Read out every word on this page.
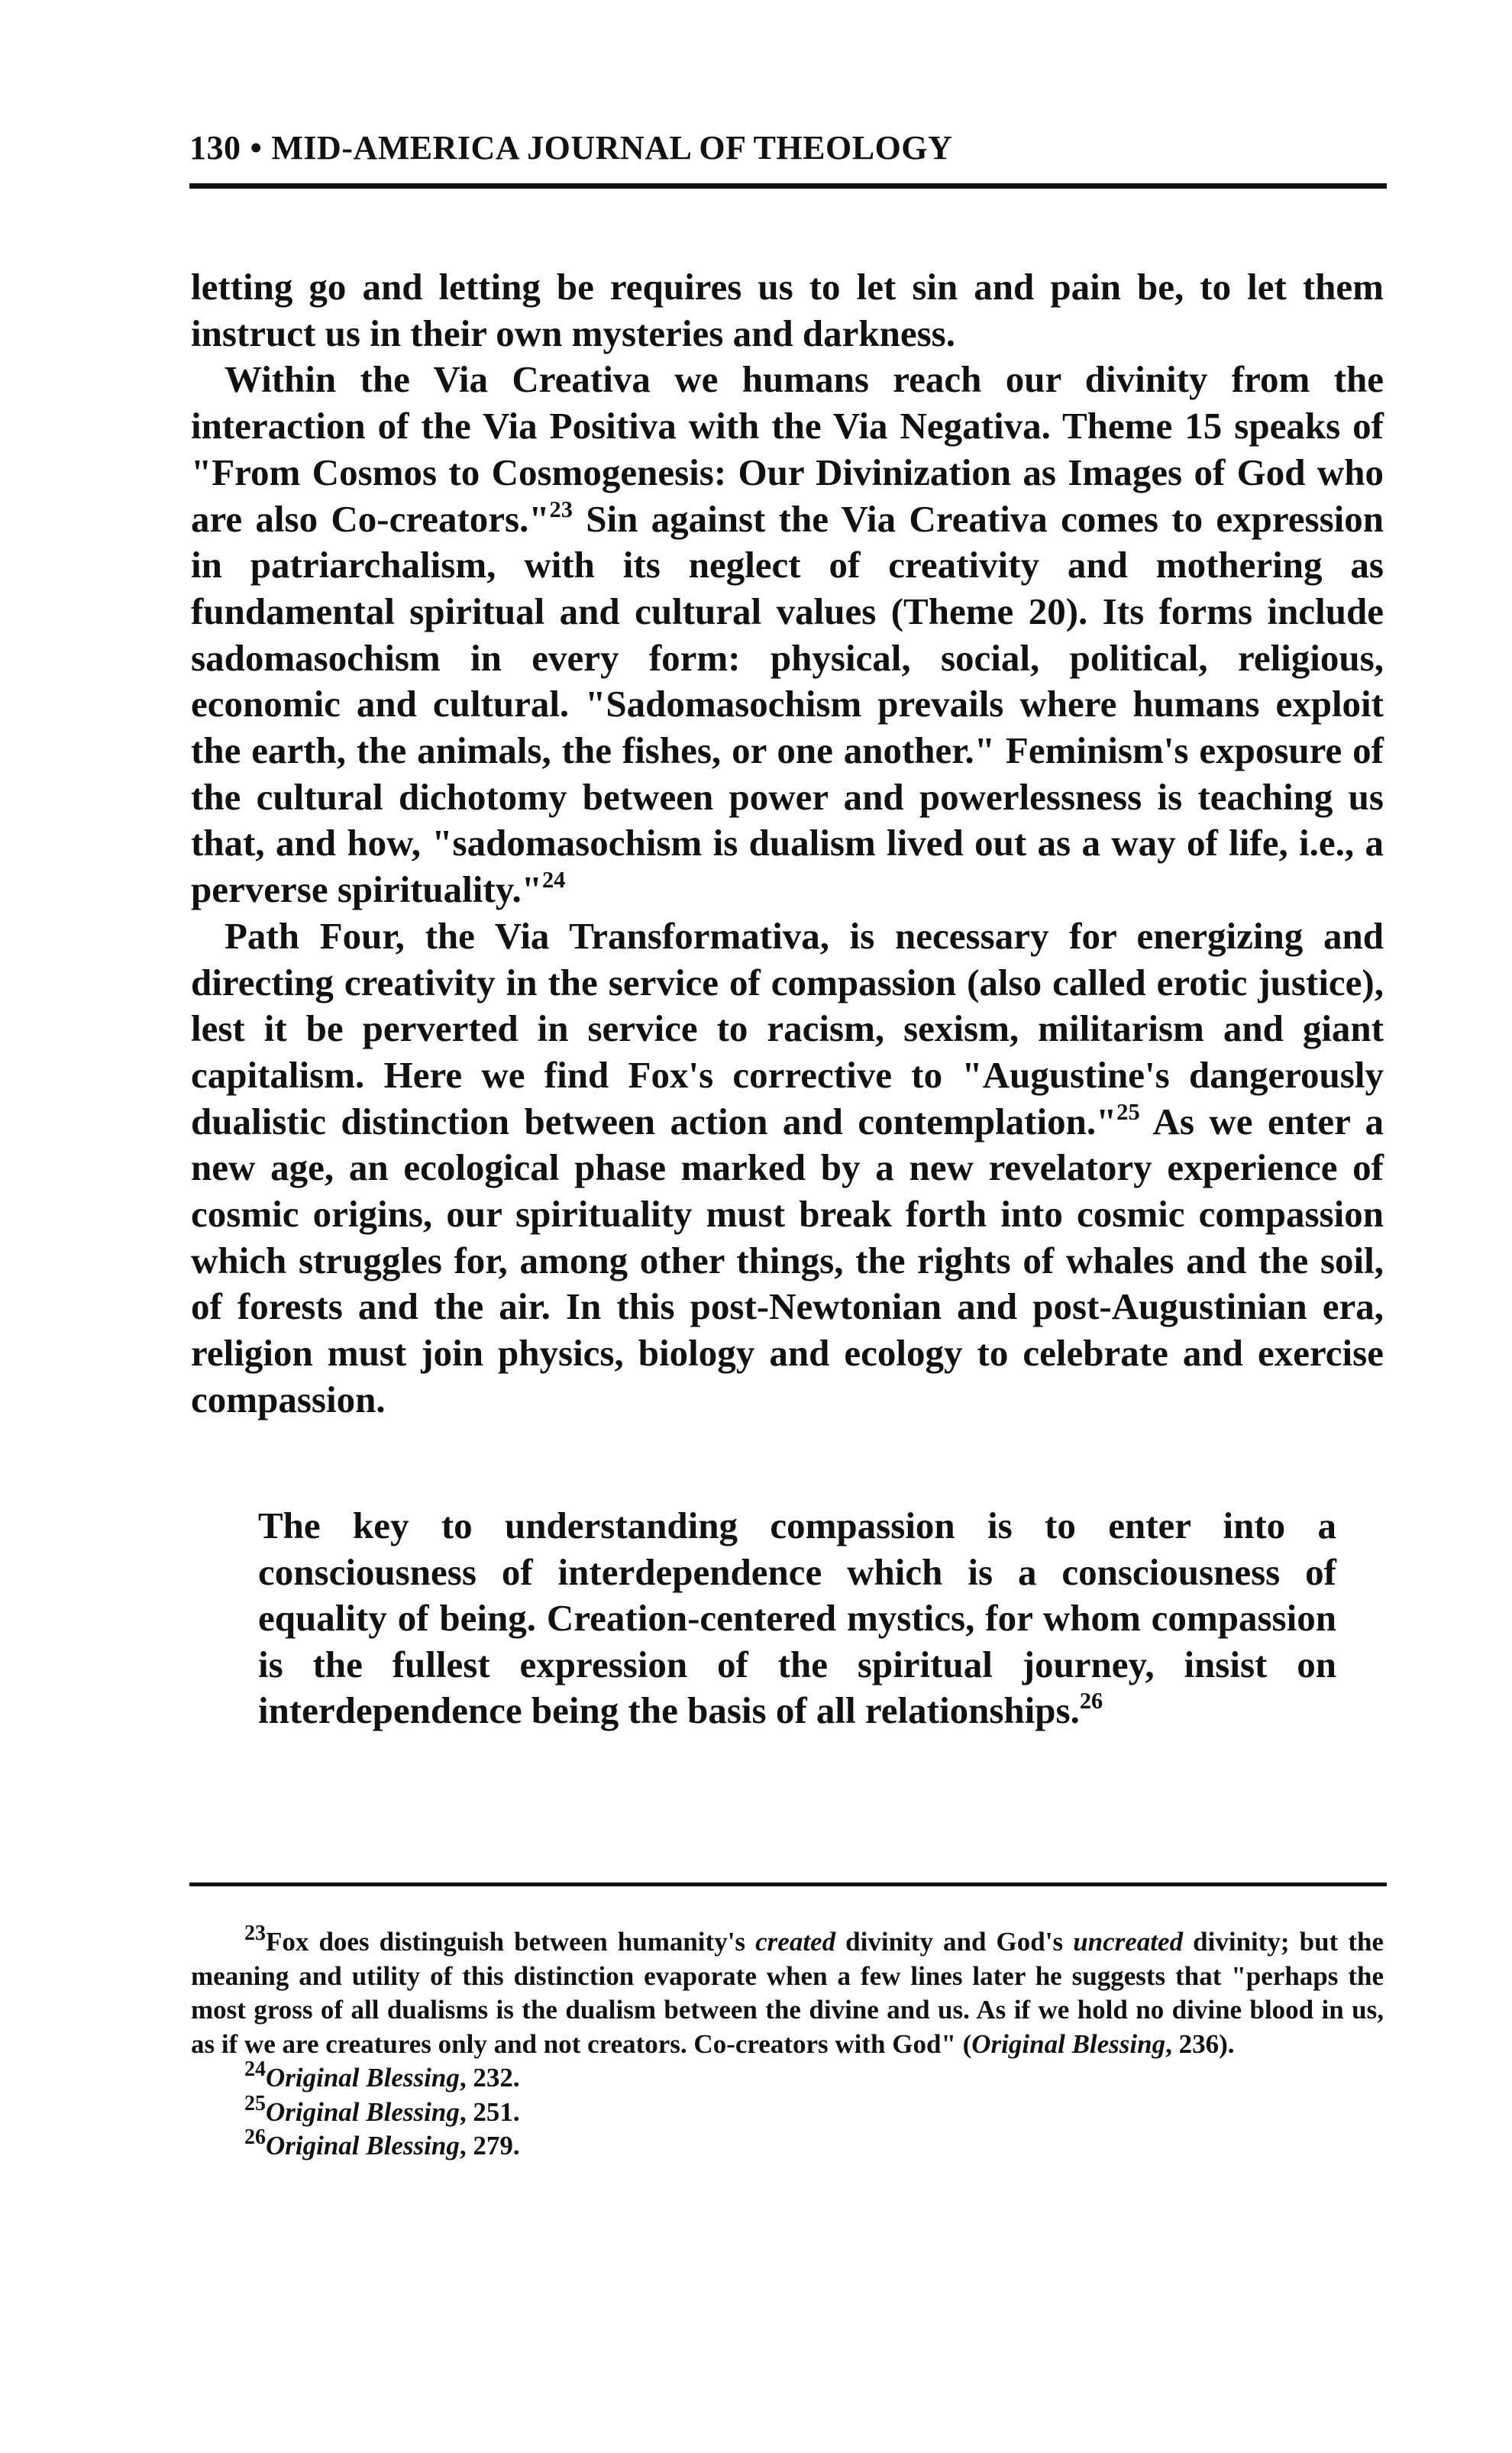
130 • MID-AMERICA JOURNAL OF THEOLOGY

letting go and letting be requires us to let sin and pain be, to let them instruct us in their own mysteries and darkness.

Within the Via Creativa we humans reach our divinity from the interaction of the Via Positiva with the Via Negativa. Theme 15 speaks of "From Cosmos to Cosmogenesis: Our Divinization as Images of God who are also Co-creators."$^{23}$ Sin against the Via Creativa comes to expression in patriarchalism, with its neglect of creativity and mothering as fundamental spiritual and cultural values (Theme 20). Its forms include sadomasochism in every form: physical, social, political, religious, economic and cultural. "Sadomasochism prevails where humans exploit the earth, the animals, the fishes, or one another." Feminism's exposure of the cultural dichotomy between power and powerlessness is teaching us that, and how, "sadomasochism is dualism lived out as a way of life, i.e., a perverse spirituality."$^{24}$

Path Four, the Via Transformativa, is necessary for energizing and directing creativity in the service of compassion (also called erotic justice), lest it be perverted in service to racism, sexism, militarism and giant capitalism. Here we find Fox's corrective to "Augustine's dangerously dualistic distinction between action and contemplation."$^{25}$ As we enter a new age, an ecological phase marked by a new revelatory experience of cosmic origins, our spirituality must break forth into cosmic compassion which struggles for, among other things, the rights of whales and the soil, of forests and the air. In this post-Newtonian and post-Augustinian era, religion must join physics, biology and ecology to celebrate and exercise compassion.

The key to understanding compassion is to enter into a consciousness of interdependence which is a consciousness of equality of being. Creation-centered mystics, for whom compassion is the fullest expression of the spiritual journey, insist on interdependence being the basis of all relationships.$^{26}$

$^{23}$Fox does distinguish between humanity's created divinity and God's uncreated divinity; but the meaning and utility of this distinction evaporate when a few lines later he suggests that "perhaps the most gross of all dualisms is the dualism between the divine and us. As if we hold no divine blood in us, as if we are creatures only and not creators. Co-creators with God" (Original Blessing, 236).

$^{24}$Original Blessing, 232.

$^{25}$Original Blessing, 251.

$^{26}$Original Blessing, 279.
